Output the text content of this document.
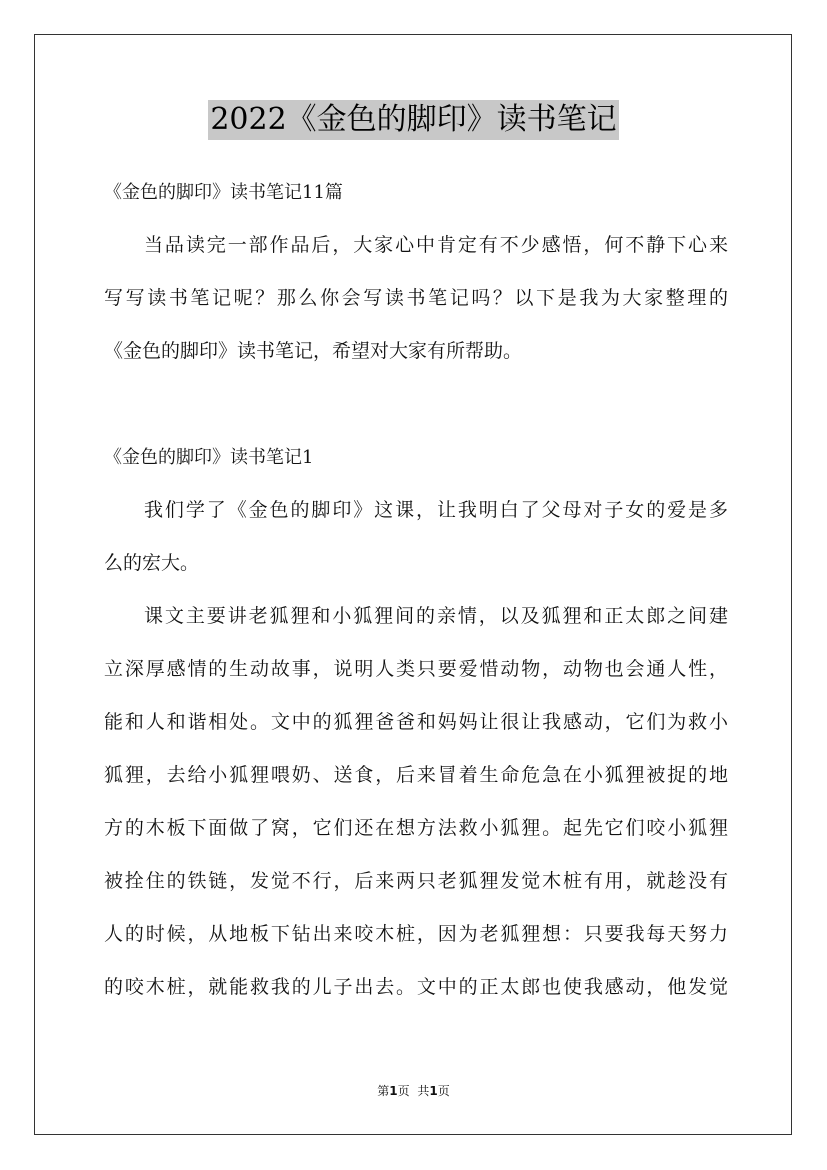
2022《金色的脚印》读书笔记
《金色的脚印》读书笔记11篇
当品读完一部作品后，大家心中肯定有不少感悟，何不静下心来
写写读书笔记呢？那么你会写读书笔记吗？以下是我为大家整理的
《金色的脚印》读书笔记，希望对大家有所帮助。
《金色的脚印》读书笔记1
我们学了《金色的脚印》这课，让我明白了父母对子女的爱是多
么的宏大。
课文主要讲老狐狸和小狐狸间的亲情，以及狐狸和正太郎之间建
立深厚感情的生动故事，说明人类只要爱惜动物，动物也会通人性，
能和人和谐相处。文中的狐狸爸爸和妈妈让很让我感动，它们为救小
狐狸，去给小狐狸喂奶、送食，后来冒着生命危急在小狐狸被捉的地
方的木板下面做了窝，它们还在想方法救小狐狸。起先它们咬小狐狸
被拴住的铁链，发觉不行，后来两只老狐狸发觉木桩有用，就趁没有
人的时候，从地板下钻出来咬木桩，因为老狐狸想：只要我每天努力
的咬木桩，就能救我的儿子出去。文中的正太郎也使我感动，他发觉
第1页 共1页
